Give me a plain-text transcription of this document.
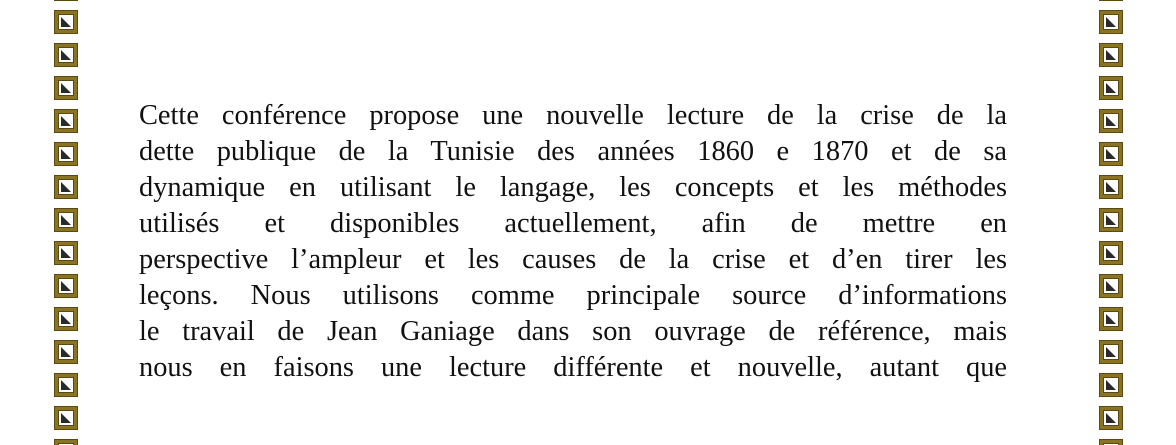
Cette conférence propose une nouvelle lecture de la crise de la
dette publique de la Tunisie des années 1860 e 1870 et de sa
dynamique en utilisant le langage, les concepts et les méthodes
utilisés et disponibles actuellement, afin de mettre en
perspective l’ampleur et les causes de la crise et d’en tirer les
leçons. Nous utilisons comme principale source d’informations
le travail de Jean Ganiage dans son ouvrage de référence, mais
nous en faisons une lecture différente et nouvelle, autant que
